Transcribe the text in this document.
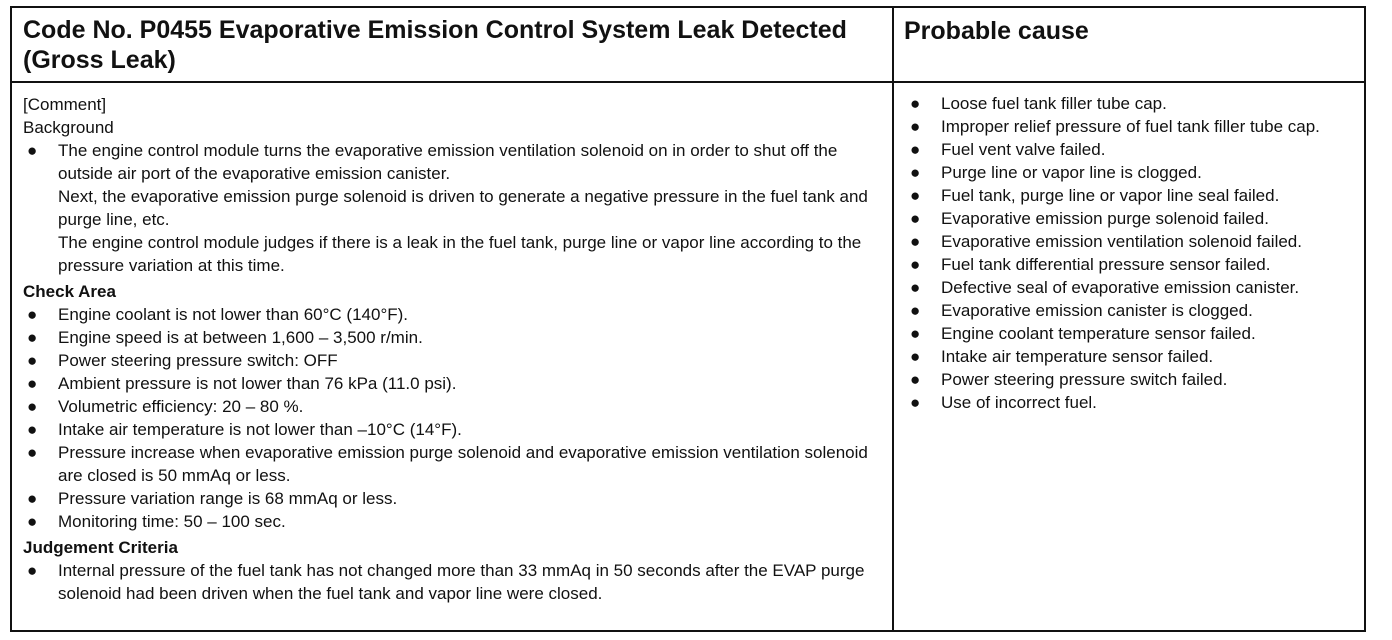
Code No. P0455 Evaporative Emission Control System Leak Detected (Gross Leak)
Probable cause
[Comment]
Background
● The engine control module turns the evaporative emission ventilation solenoid on in order to shut off the outside air port of the evaporative emission canister.
Next, the evaporative emission purge solenoid is driven to generate a negative pressure in the fuel tank and purge line, etc.
The engine control module judges if there is a leak in the fuel tank, purge line or vapor line according to the pressure variation at this time.
Check Area
● Engine coolant is not lower than 60°C (140°F).
● Engine speed is at between 1,600 – 3,500 r/min.
● Power steering pressure switch: OFF
● Ambient pressure is not lower than 76 kPa (11.0 psi).
● Volumetric efficiency: 20 – 80 %.
● Intake air temperature is not lower than –10°C (14°F).
● Pressure increase when evaporative emission purge solenoid and evaporative emission ventilation solenoid are closed is 50 mmAq or less.
● Pressure variation range is 68 mmAq or less.
● Monitoring time: 50 – 100 sec.
Judgement Criteria
● Internal pressure of the fuel tank has not changed more than 33 mmAq in 50 seconds after the EVAP purge solenoid had been driven when the fuel tank and vapor line were closed.
● Loose fuel tank filler tube cap.
● Improper relief pressure of fuel tank filler tube cap.
● Fuel vent valve failed.
● Purge line or vapor line is clogged.
● Fuel tank, purge line or vapor line seal failed.
● Evaporative emission purge solenoid failed.
● Evaporative emission ventilation solenoid failed.
● Fuel tank differential pressure sensor failed.
● Defective seal of evaporative emission canister.
● Evaporative emission canister is clogged.
● Engine coolant temperature sensor failed.
● Intake air temperature sensor failed.
● Power steering pressure switch failed.
● Use of incorrect fuel.
